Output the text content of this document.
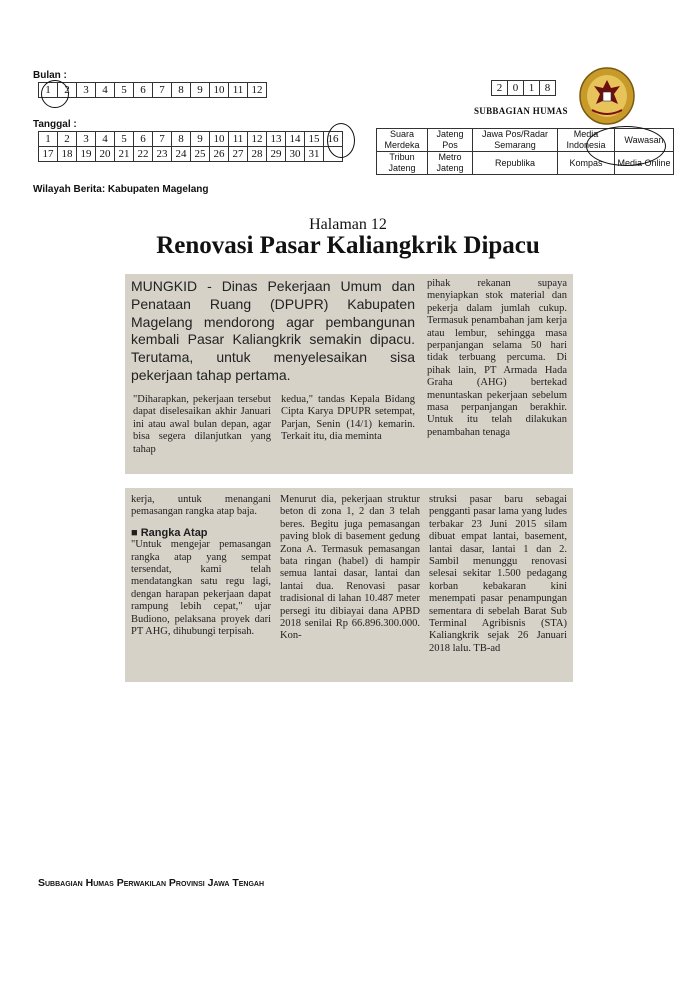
Bulan :
1	2	3	4	5	6	7	8	9	10	11	12
Tanggal :
1	2	3	4	5	6	7	8	9	10	11	12	13	14	15	16
17	18	19	20	21	22	23	24	25	26	27	28	29	30	31	
Wilayah Berita: Kabupaten Magelang
2	0	1	8
SUBBAGIAN HUMAS
Suara Merdeka	Jateng Pos	Jawa Pos/Radar Semarang	Media Indonesia	Wawasan
Tribun Jateng	Metro Jateng	Republika	Kompas	Media Online
Halaman 12
Renovasi Pasar Kaliangkrik Dipacu
MUNGKID - Dinas Pekerjaan Umum dan Penataan Ruang (DPUPR) Kabupaten Magelang mendorong agar pembangunan kembali Pasar Kaliangkrik semakin dipacu. Terutama, untuk menyelesaikan sisa pekerjaan tahap pertama.
"Diharapkan, pekerjaan tersebut dapat diselesaikan akhir Januari ini atau awal bulan depan, agar bisa segera dilanjutkan yang tahap
kedua," tandas Kepala Bidang Cipta Karya DPUPR setempat, Parjan, Senin (14/1) kemarin. Terkait itu, dia meminta
pihak rekanan supaya menyiapkan stok material dan pekerja dalam jumlah cukup. Termasuk penambahan jam kerja atau lembur, sehingga masa perpanjangan selama 50 hari tidak terbuang percuma. Di pihak lain, PT Armada Hada Graha (AHG) bertekad menuntaskan pekerjaan sebelum masa perpanjangan berakhir. Untuk itu telah dilakukan penambahan tenaga
kerja, untuk menangani pemasangan rangka atap baja.
■ Rangka Atap
"Untuk mengejar pemasangan rangka atap yang sempat tersendat, kami telah mendatangkan satu regu lagi, dengan harapan pekerjaan dapat rampung lebih cepat," ujar Budiono, pelaksana proyek dari PT AHG, dihubungi terpisah.
Menurut dia, pekerjaan struktur beton di zona 1, 2 dan 3 telah beres. Begitu juga pemasangan paving blok di basement gedung Zona A. Termasuk pemasangan bata ringan (habel) di hampir semua lantai dasar, lantai dan lantai dua. Renovasi pasar tradisional di lahan 10.487 meter persegi itu dibiayai dana APBD 2018 senilai Rp 66.896.300.000. Kon-
struksi pasar baru sebagai pengganti pasar lama yang ludes terbakar 23 Juni 2015 silam dibuat empat lantai, basement, lantai dasar, lantai 1 dan 2. Sambil menunggu renovasi selesai sekitar 1.500 pedagang korban kebakaran kini menempati pasar penampungan sementara di sebelah Barat Sub Terminal Agribisnis (STA) Kaliangkrik sejak 26 Januari 2018 lalu. TB-ad
Subbagian Humas Perwakilan Provinsi Jawa Tengah
